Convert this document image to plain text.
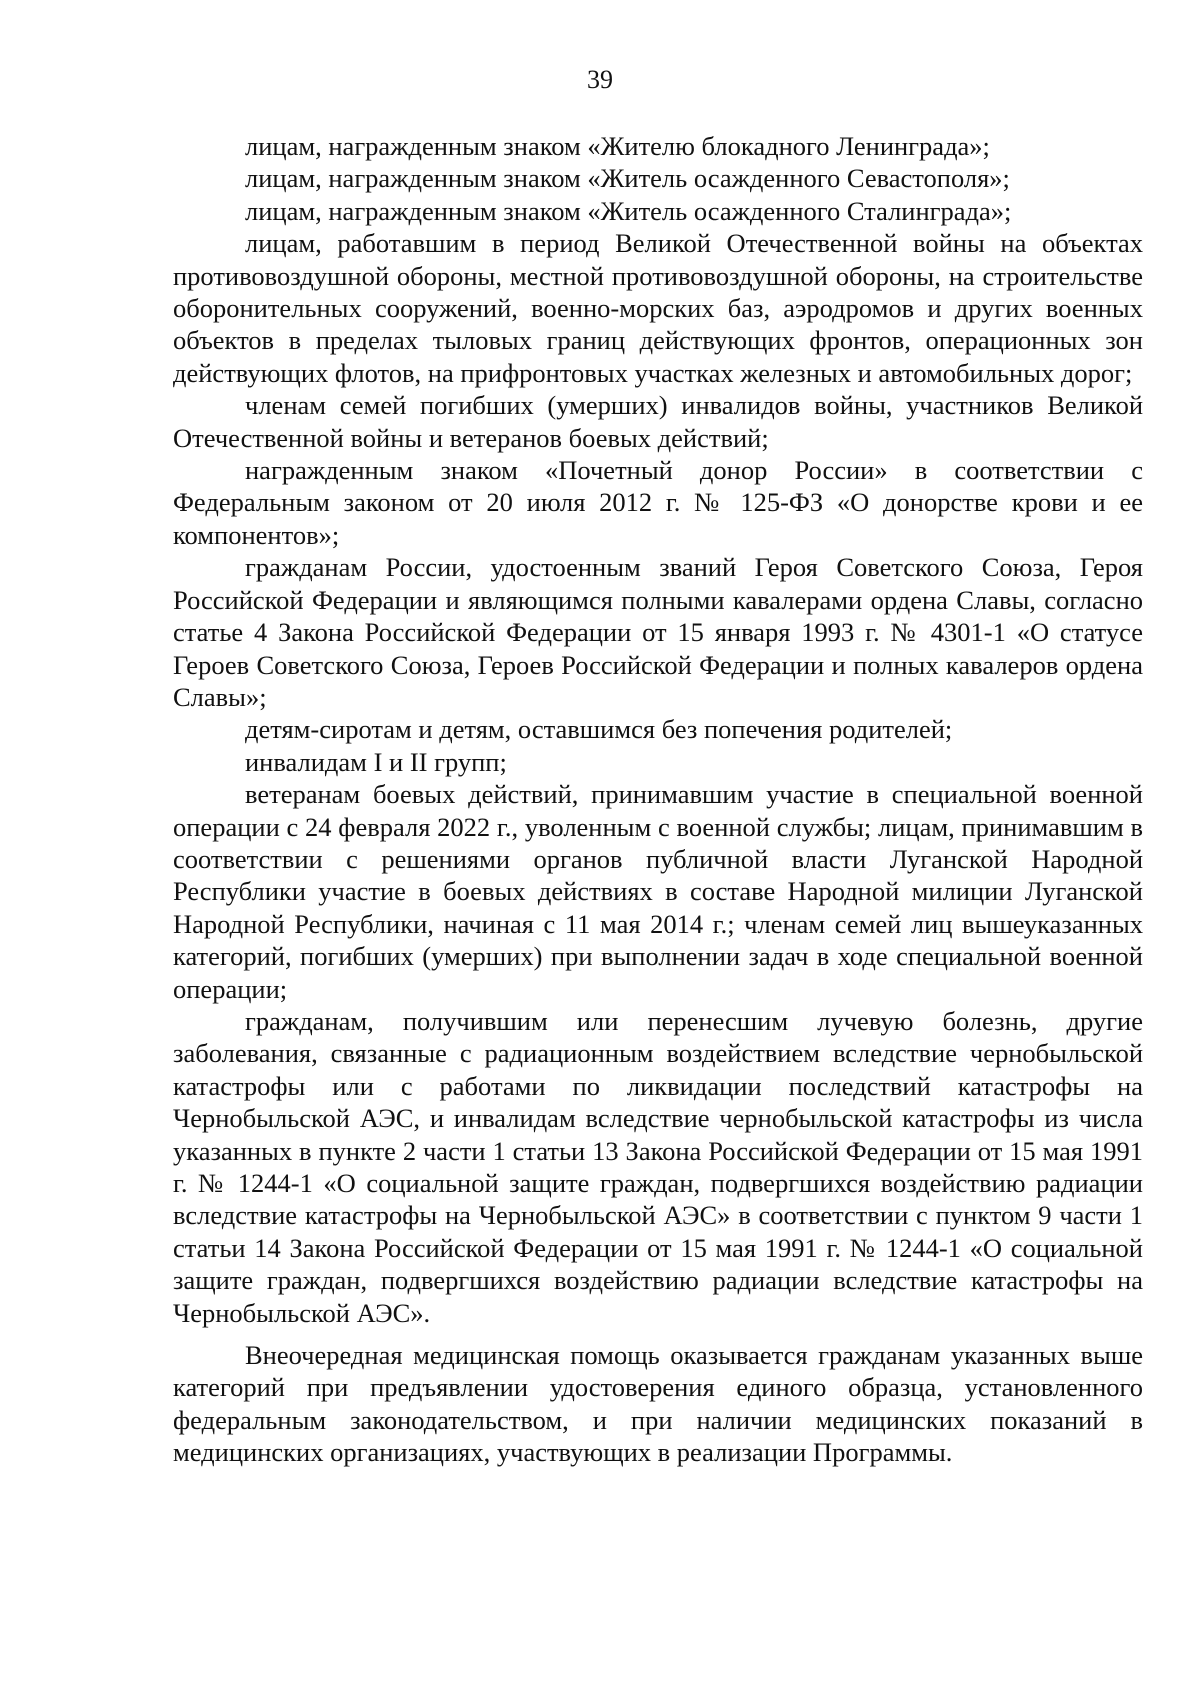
39

лицам, награжденным знаком «Жителю блокадного Ленинграда»;

лицам, награжденным знаком «Житель осажденного Севастополя»;

лицам, награжденным знаком «Житель осажденного Сталинграда»;

лицам, работавшим в период Великой Отечественной войны на объектах противовоздушной обороны, местной противовоздушной обороны, на строительстве оборонительных сооружений, военно-морских баз, аэродромов и других военных объектов в пределах тыловых границ действующих фронтов, операционных зон действующих флотов, на прифронтовых участках железных и автомобильных дорог;

членам семей погибших (умерших) инвалидов войны, участников Великой Отечественной войны и ветеранов боевых действий;

награжденным знаком «Почетный донор России» в соответствии с Федеральным законом от 20 июля 2012 г. № 125-ФЗ «О донорстве крови и ее компонентов»;

гражданам России, удостоенным званий Героя Советского Союза, Героя Российской Федерации и являющимся полными кавалерами ордена Славы, согласно статье 4 Закона Российской Федерации от 15 января 1993 г. № 4301-1 «О статусе Героев Советского Союза, Героев Российской Федерации и полных кавалеров ордена Славы»;

детям-сиротам и детям, оставшимся без попечения родителей;

инвалидам I и II групп;

ветеранам боевых действий, принимавшим участие в специальной военной операции с 24 февраля 2022 г., уволенным с военной службы; лицам, принимавшим в соответствии с решениями органов публичной власти Луганской Народной Республики участие в боевых действиях в составе Народной милиции Луганской Народной Республики, начиная с 11 мая 2014 г.; членам семей лиц вышеуказанных категорий, погибших (умерших) при выполнении задач в ходе специальной военной операции;

гражданам, получившим или перенесшим лучевую болезнь, другие заболевания, связанные с радиационным воздействием вследствие чернобыльской катастрофы или с работами по ликвидации последствий катастрофы на Чернобыльской АЭС, и инвалидам вследствие чернобыльской катастрофы из числа указанных в пункте 2 части 1 статьи 13 Закона Российской Федерации от 15 мая 1991 г. № 1244-1 «О социальной защите граждан, подвергшихся воздействию радиации вследствие катастрофы на Чернобыльской АЭС» в соответствии с пунктом 9 части 1 статьи 14 Закона Российской Федерации от 15 мая 1991 г. № 1244-1 «О социальной защите граждан, подвергшихся воздействию радиации вследствие катастрофы на Чернобыльской АЭС».

Внеочередная медицинская помощь оказывается гражданам указанных выше категорий при предъявлении удостоверения единого образца, установленного федеральным законодательством, и при наличии медицинских показаний в медицинских организациях, участвующих в реализации Программы.
